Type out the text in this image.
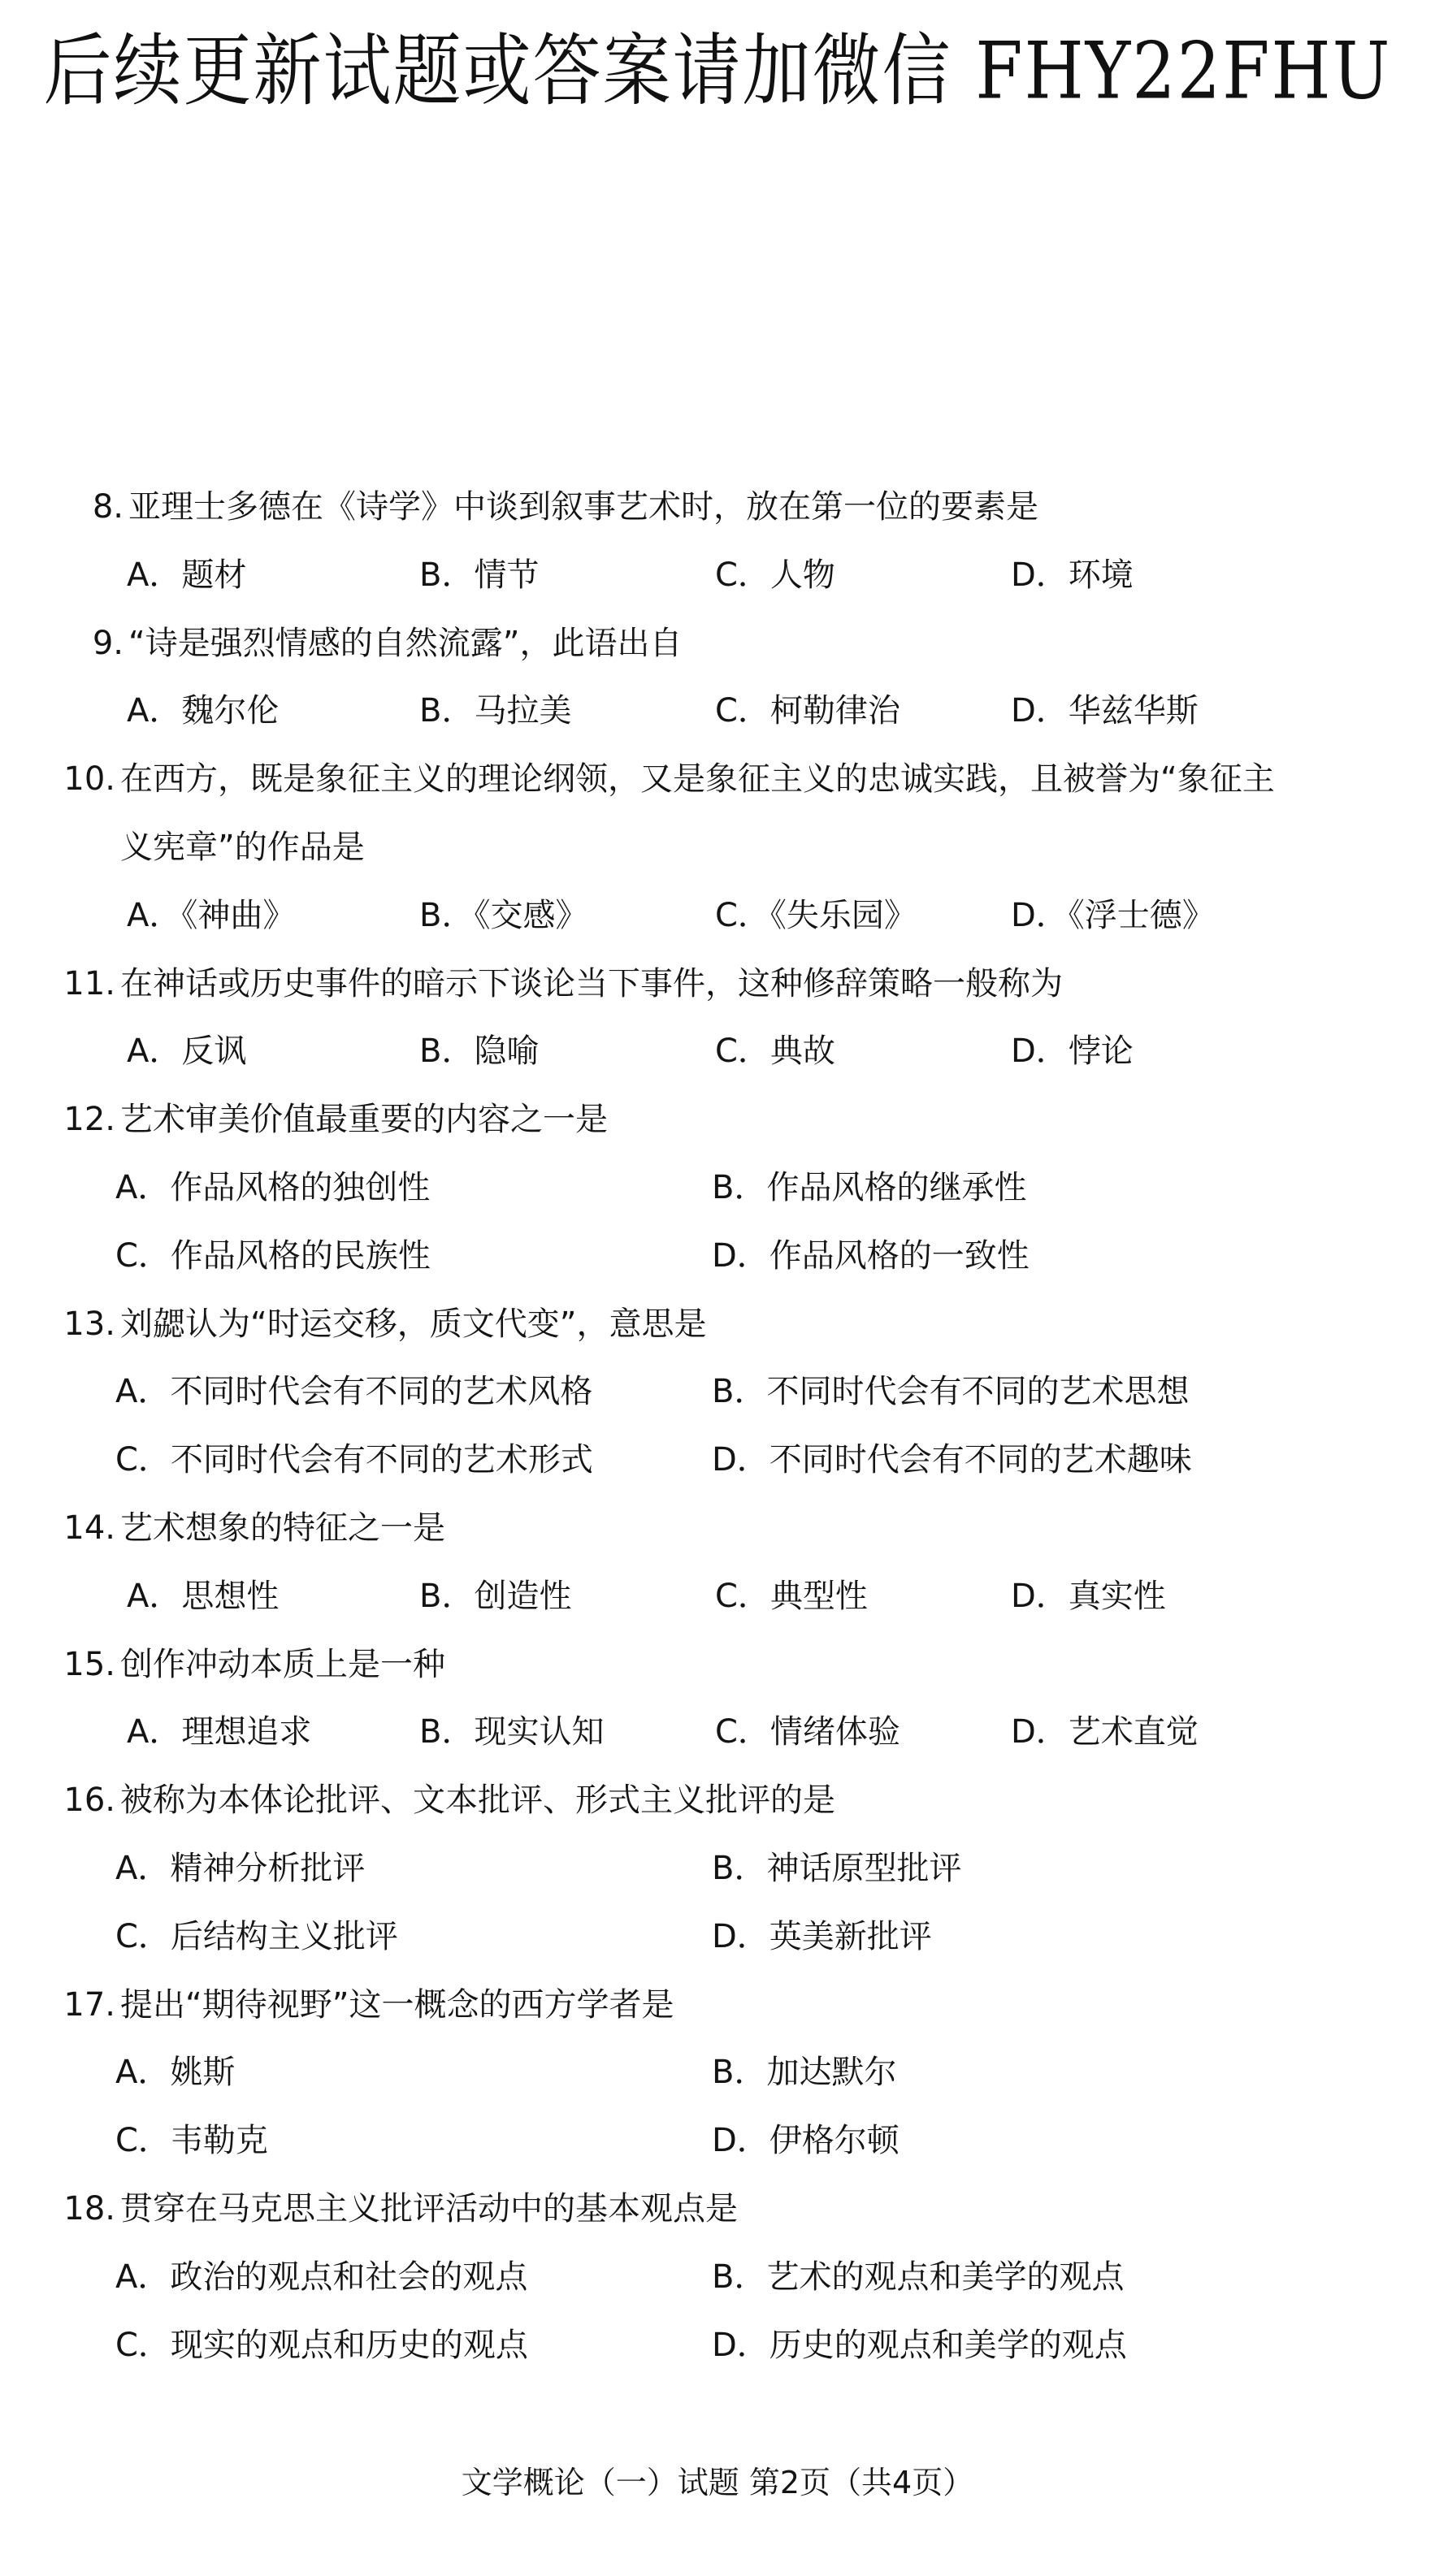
后续更新试题或答案请加微信 FHY22FHU
8. 亚理士多德在《诗学》中谈到叙事艺术时，放在第一位的要素是
A．题材	B．情节	C．人物	D．环境
9. “诗是强烈情感的自然流露”，此语出自
A．魏尔伦	B．马拉美	C．柯勒律治	D．华兹华斯
10. 在西方，既是象征主义的理论纲领，又是象征主义的忠诚实践，且被誉为“象征主
义宪章”的作品是
A．《神曲》	B．《交感》	C．《失乐园》	D．《浮士德》
11. 在神话或历史事件的暗示下谈论当下事件，这种修辞策略一般称为
A．反讽	B．隐喻	C．典故	D．悖论
12. 艺术审美价值最重要的内容之一是
A．作品风格的独创性	B．作品风格的继承性
C．作品风格的民族性	D．作品风格的一致性
13. 刘勰认为“时运交移，质文代变”，意思是
A．不同时代会有不同的艺术风格	B．不同时代会有不同的艺术思想
C．不同时代会有不同的艺术形式	D．不同时代会有不同的艺术趣味
14. 艺术想象的特征之一是
A．思想性	B．创造性	C．典型性	D．真实性
15. 创作冲动本质上是一种
A．理想追求	B．现实认知	C．情绪体验	D．艺术直觉
16. 被称为本体论批评、文本批评、形式主义批评的是
A．精神分析批评	B．神话原型批评
C．后结构主义批评	D．英美新批评
17. 提出“期待视野”这一概念的西方学者是
A．姚斯	B．加达默尔
C．韦勒克	D．伊格尔顿
18. 贯穿在马克思主义批评活动中的基本观点是
A．政治的观点和社会的观点	B．艺术的观点和美学的观点
C．现实的观点和历史的观点	D．历史的观点和美学的观点
文学概论（一）试题 第2页（共4页）
